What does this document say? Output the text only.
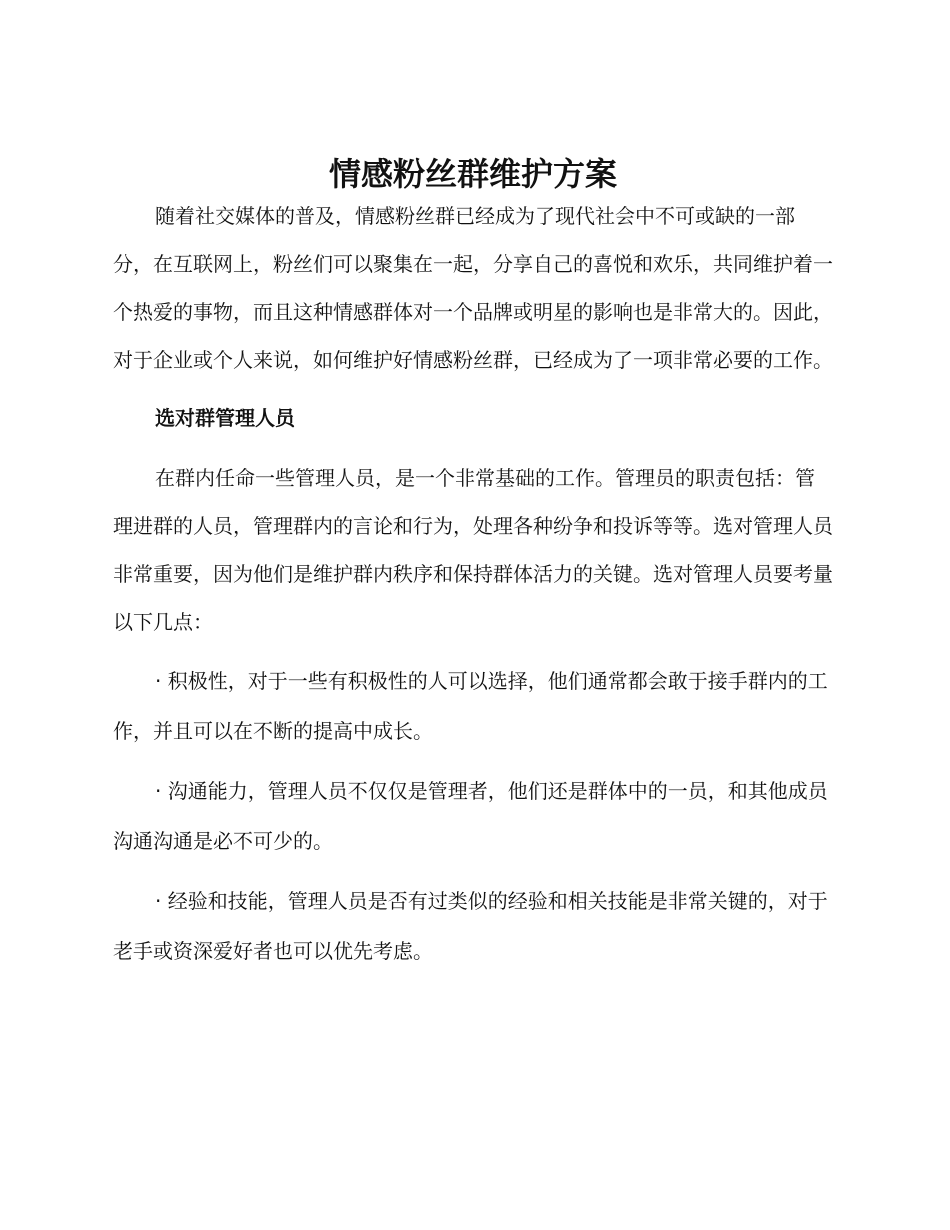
情感粉丝群维护方案

随着社交媒体的普及，情感粉丝群已经成为了现代社会中不可或缺的一部分，在互联网上，粉丝们可以聚集在一起，分享自己的喜悦和欢乐，共同维护着一个热爱的事物，而且这种情感群体对一个品牌或明星的影响也是非常大的。因此，对于企业或个人来说，如何维护好情感粉丝群，已经成为了一项非常必要的工作。

选对群管理人员

在群内任命一些管理人员，是一个非常基础的工作。管理员的职责包括：管理进群的人员，管理群内的言论和行为，处理各种纷争和投诉等等。选对管理人员非常重要，因为他们是维护群内秩序和保持群体活力的关键。选对管理人员要考量以下几点：

· 积极性，对于一些有积极性的人可以选择，他们通常都会敢于接手群内的工作，并且可以在不断的提高中成长。

· 沟通能力，管理人员不仅仅是管理者，他们还是群体中的一员，和其他成员沟通沟通是必不可少的。

· 经验和技能，管理人员是否有过类似的经验和相关技能是非常关键的，对于老手或资深爱好者也可以优先考虑。
